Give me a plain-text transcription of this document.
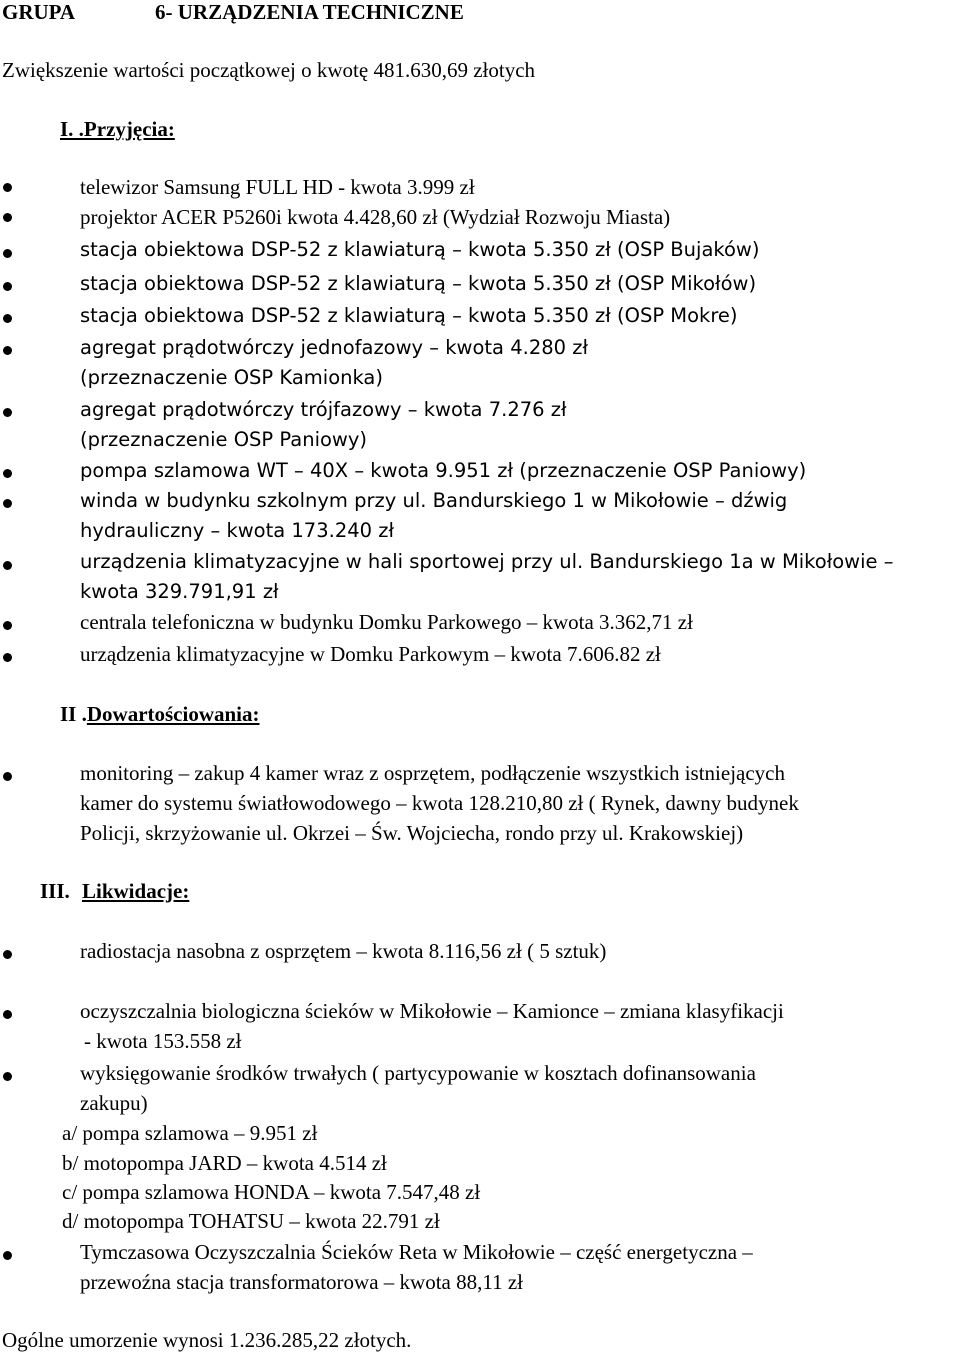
GRUPA	6- URZĄDZENIA TECHNICZNE
Zwiększenie wartości początkowej o kwotę 481.630,69 złotych
I. .Przyjęcia:
telewizor Samsung FULL HD - kwota 3.999 zł
projektor ACER P5260i kwota 4.428,60 zł (Wydział Rozwoju Miasta)
stacja obiektowa DSP-52 z klawiaturą – kwota 5.350 zł (OSP Bujaków)
stacja obiektowa DSP-52 z klawiaturą – kwota 5.350 zł (OSP Mikołów)
stacja obiektowa DSP-52 z klawiaturą – kwota 5.350 zł (OSP Mokre)
agregat prądotwórczy jednofazowy – kwota 4.280 zł
(przeznaczenie OSP Kamionka)
agregat prądotwórczy trójfazowy – kwota 7.276 zł
(przeznaczenie OSP Paniowy)
pompa szlamowa WT – 40X – kwota 9.951 zł (przeznaczenie OSP Paniowy)
winda w budynku szkolnym przy ul. Bandurskiego 1 w Mikołowie – dźwig
hydrauliczny – kwota 173.240 zł
urządzenia klimatyzacyjne w hali sportowej przy ul. Bandurskiego 1a w Mikołowie –
kwota 329.791,91 zł
centrala telefoniczna w budynku Domku Parkowego – kwota 3.362,71 zł
urządzenia klimatyzacyjne w Domku Parkowym – kwota 7.606.82 zł
II .Dowartościowania:
monitoring – zakup 4 kamer wraz z osprzętem, podłączenie wszystkich istniejących
kamer do systemu światłowodowego – kwota 128.210,80 zł ( Rynek, dawny budynek
Policji, skrzyżowanie ul. Okrzei – Św. Wojciecha, rondo przy ul. Krakowskiej)
III. Likwidacje:
radiostacja nasobna z osprzętem – kwota 8.116,56 zł ( 5 sztuk)
oczyszczalnia biologiczna ścieków w Mikołowie – Kamionce – zmiana klasyfikacji
- kwota 153.558 zł
wyksięgowanie środków trwałych ( partycypowanie w kosztach dofinansowania
zakupu)
a/ pompa szlamowa – 9.951 zł
b/ motopompa JARD – kwota 4.514 zł
c/ pompa szlamowa HONDA – kwota 7.547,48 zł
d/ motopompa TOHATSU – kwota 22.791 zł
Tymczasowa Oczyszczalnia Ścieków Reta w Mikołowie – część energetyczna –
przewoźna stacja transformatorowa – kwota 88,11 zł
Ogólne umorzenie wynosi 1.236.285,22 złotych.
